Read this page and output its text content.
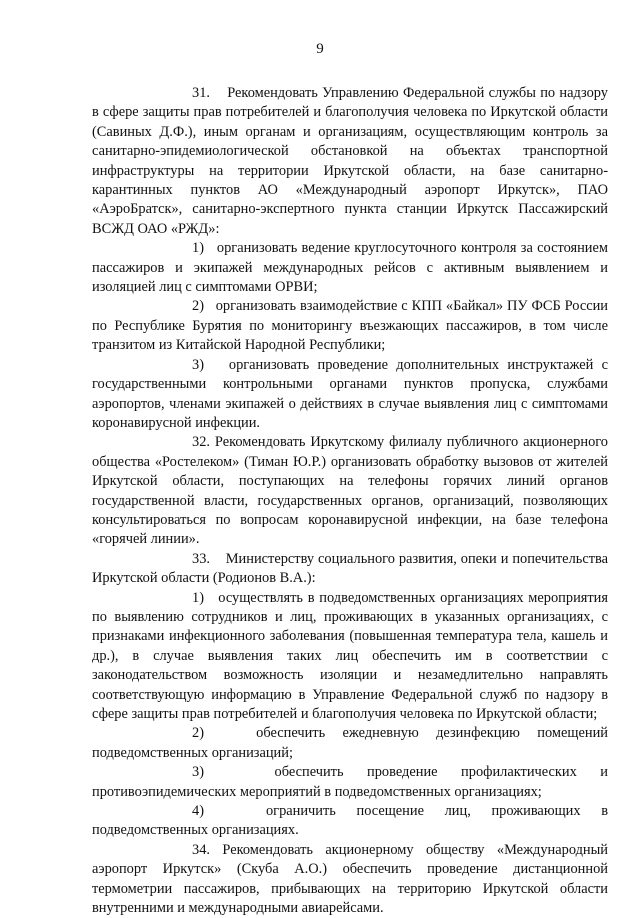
9

31. Рекомендовать Управлению Федеральной службы по надзору в сфере защиты прав потребителей и благополучия человека по Иркутской области (Савиных Д.Ф.), иным органам и организациям, осуществляющим контроль за санитарно-эпидемиологической обстановкой на объектах транспортной инфраструктуры на территории Иркутской области, на базе санитарно-карантинных пунктов АО «Международный аэропорт Иркутск», ПАО «АэроБратск», санитарно-экспертного пункта станции Иркутск Пассажирский ВСЖД ОАО «РЖД»:

1) организовать ведение круглосуточного контроля за состоянием пассажиров и экипажей международных рейсов с активным выявлением и изоляцией лиц с симптомами ОРВИ;

2) организовать взаимодействие с КПП «Байкал» ПУ ФСБ России по Республике Бурятия по мониторингу въезжающих пассажиров, в том числе транзитом из Китайской Народной Республики;

3) организовать проведение дополнительных инструктажей с государственными контрольными органами пунктов пропуска, службами аэропортов, членами экипажей о действиях в случае выявления лиц с симптомами коронавирусной инфекции.

32. Рекомендовать Иркутскому филиалу публичного акционерного общества «Ростелеком» (Тиман Ю.Р.) организовать обработку вызовов от жителей Иркутской области, поступающих на телефоны горячих линий органов государственной власти, государственных органов, организаций, позволяющих консультироваться по вопросам коронавирусной инфекции, на базе телефона «горячей линии».

33. Министерству социального развития, опеки и попечительства Иркутской области (Родионов В.А.):

1) осуществлять в подведомственных организациях мероприятия по выявлению сотрудников и лиц, проживающих в указанных организациях, с признаками инфекционного заболевания (повышенная температура тела, кашель и др.), в случае выявления таких лиц обеспечить им в соответствии с законодательством возможность изоляции и незамедлительно направлять соответствующую информацию в Управление Федеральной служб по надзору в сфере защиты прав потребителей и благополучия человека по Иркутской области;

2)	обеспечить ежедневную дезинфекцию помещений подведомственных организаций;

3)	обеспечить проведение профилактических и противоэпидемических мероприятий в подведомственных организациях;

4)	ограничить посещение лиц, проживающих в подведомственных организациях.

34. Рекомендовать акционерному обществу «Международный аэропорт Иркутск» (Скуба А.О.) обеспечить проведение дистанционной термометрии пассажиров, прибывающих на территорию Иркутской области внутренними и международными авиарейсами.
